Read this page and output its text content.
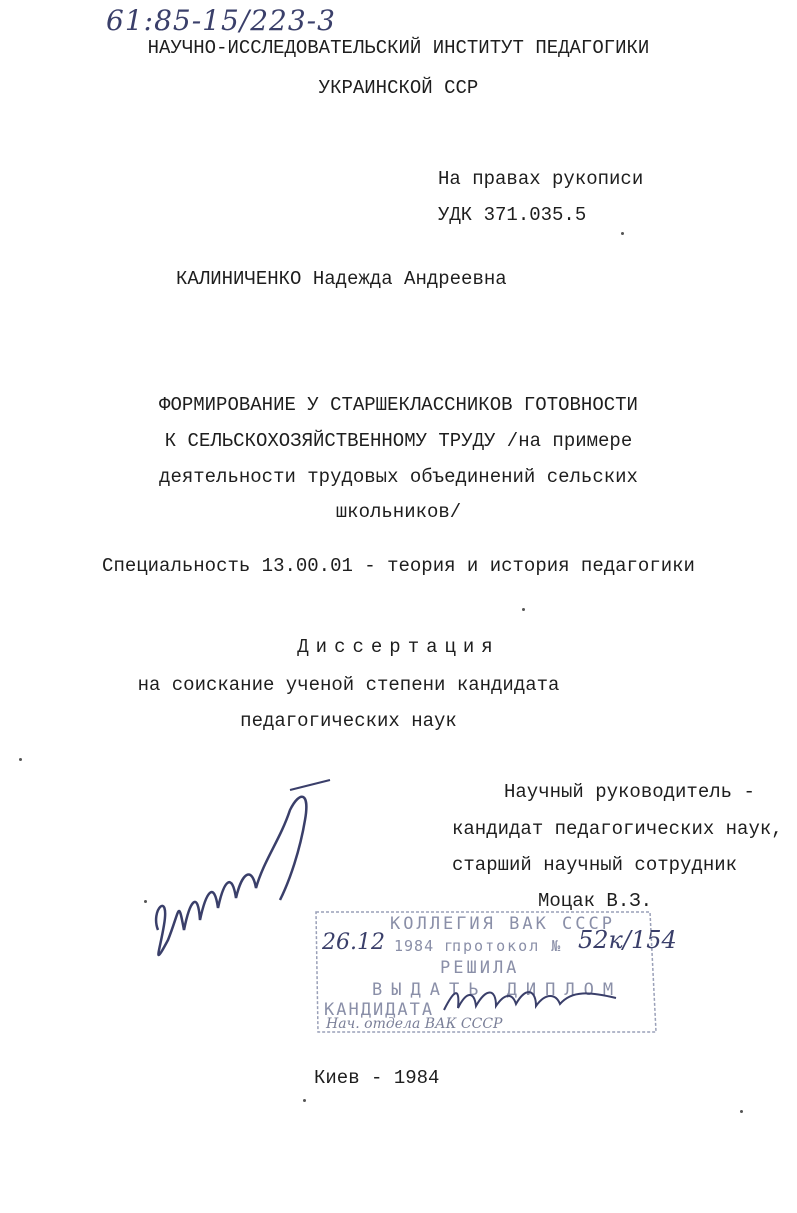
61:85-15/223-3
НАУЧНО-ИССЛЕДОВАТЕЛЬСКИЙ ИНСТИТУТ ПЕДАГОГИКИ
УКРАИНСКОЙ ССР
На правах рукописи
УДК 371.035.5
КАЛИНИЧЕНКО Надежда Андреевна
ФОРМИРОВАНИЕ У СТАРШЕКЛАССНИКОВ ГОТОВНОСТИ
К СЕЛЬСКОХОЗЯЙСТВЕННОМУ ТРУДУ /на примере
деятельности трудовых объединений сельских
школьников/
Специальность 13.00.01 - теория и история педагогики
Диссертация
на соискание ученой степени кандидата
педагогических наук
Научный руководитель -
кандидат педагогических наук,
старший научный сотрудник
Моцак В.З.
КОЛЛЕГИЯ ВАК СССР
26.12 1984 г.
протокол № 52к/154
РЕШИЛА
ВЫДАТЬ ДИПЛОМ
КАНДИДАТА
Нач. отдела ВАК СССР
Киев - 1984
